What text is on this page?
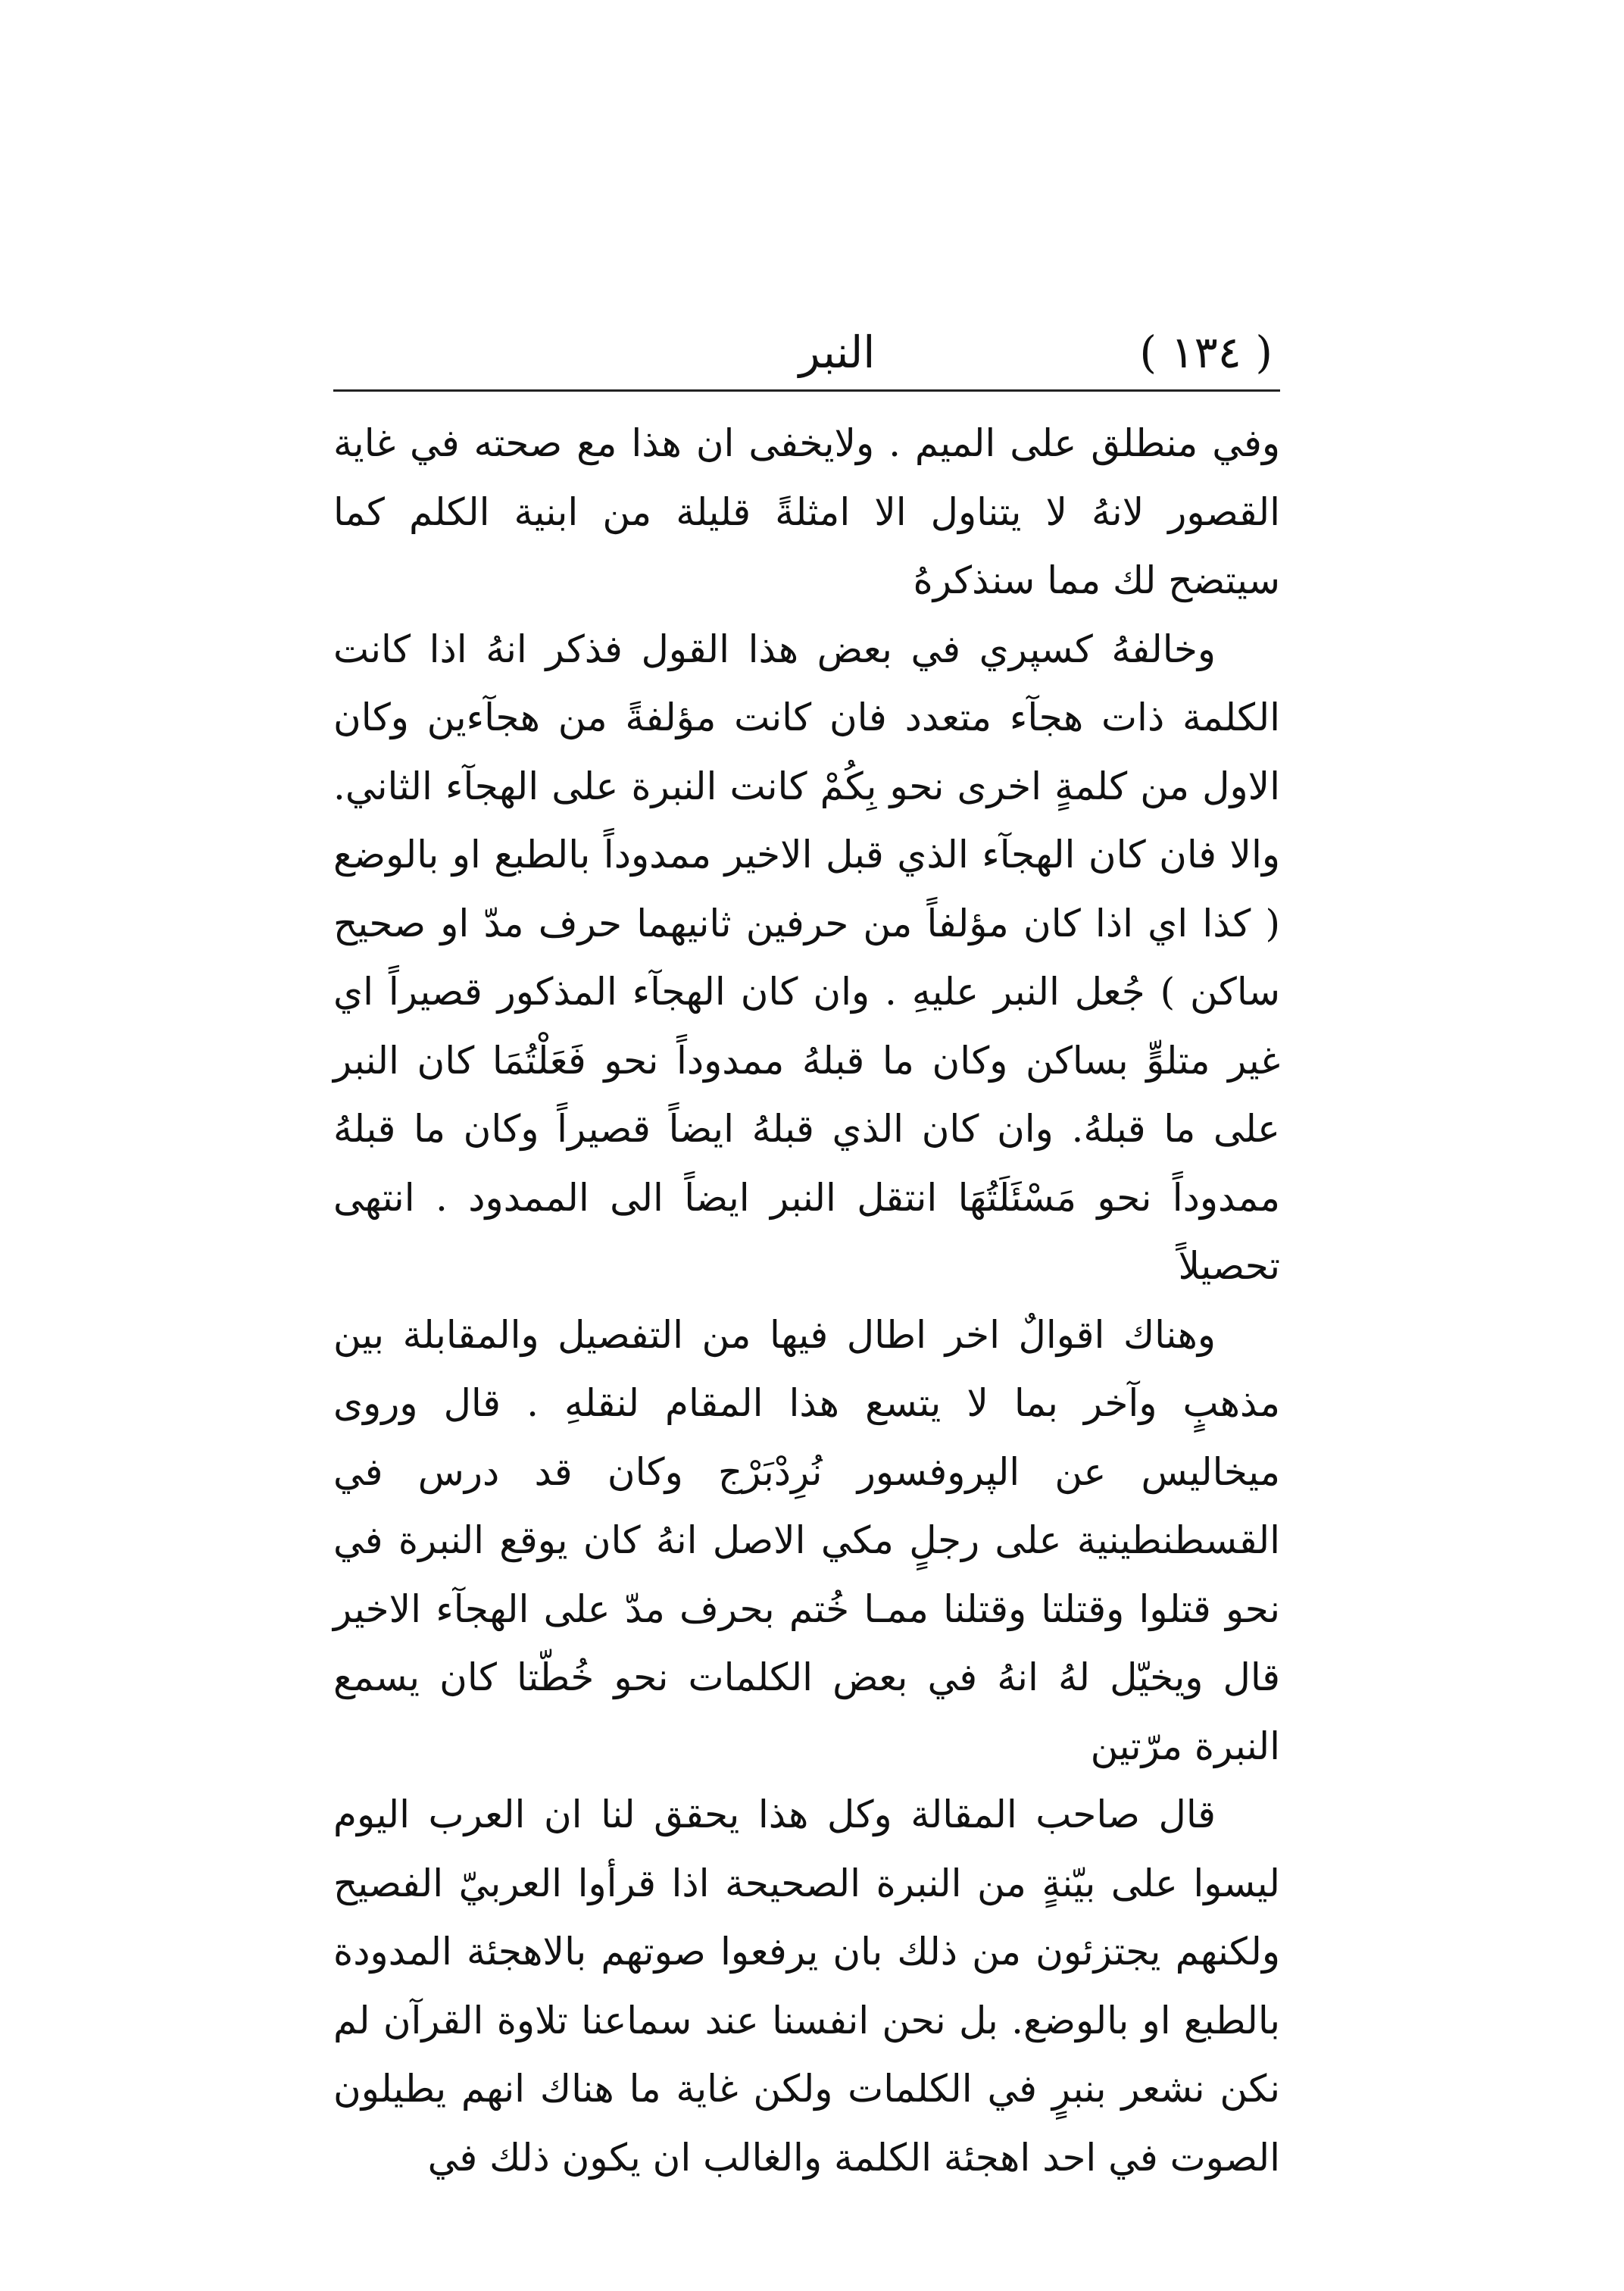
( ١٣٤ )
النبر

وفي منطلق على الميم . ولايخفى ان هذا مع صحته في غاية القصور لانهُ لا يتناول الا امثلةً قليلة من ابنية الكلم كما سيتضح لك مما سنذكرهُ

وخالفهُ كسپري في بعض هذا القول فذكر انهُ اذا كانت الكلمة ذات هجآء متعدد فان كانت مؤلفةً من هجآءين وكان الاول من كلمةٍ اخرى نحو بِكُمْ كانت النبرة على الهجآء الثاني. والا فان كان الهجآء الذي قبل الاخير ممدوداً بالطبع او بالوضع ( كذا اي اذا كان مؤلفاً من حرفين ثانيهما حرف مدّ او صحيح ساكن ) جُعل النبر عليهِ . وان كان الهجآء المذكور قصيراً اي غير متلوٍّ بساكن وكان ما قبلهُ ممدوداً نحو فَعَلْتُمَا كان النبر على ما قبلهُ. وان كان الذي قبلهُ ايضاً قصيراً وكان ما قبلهُ ممدوداً نحو مَسْئَلَتُهَا انتقل النبر ايضاً الى الممدود . انتهى تحصيلاً

وهناك اقوالٌ اخر اطال فيها من التفصيل والمقابلة بين مذهبٍ وآخر بما لا يتسع هذا المقام لنقلهِ . قال وروى ميخاليس عن الپروفسور نُرِدْبَرْج وكان قد درس في القسطنطينية على رجلٍ مكي الاصل انهُ كان يوقع النبرة في نحو قتلوا وقتلتا وقتلنا ممـا خُتم بحرف مدّ على الهجآء الاخير قال ويخيّل لهُ انهُ في بعض الكلمات نحو خُطّتا كان يسمع النبرة مرّتين

قال صاحب المقالة وكل هذا يحقق لنا ان العرب اليوم ليسوا على بيّنةٍ من النبرة الصحيحة اذا قرأوا العربيّ الفصيح ولكنهم يجتزئون من ذلك بان يرفعوا صوتهم بالاهجئة المدودة بالطبع او بالوضع. بل نحن انفسنا عند سماعنا تلاوة القرآن لم نكن نشعر بنبرٍ في الكلمات ولكن غاية ما هناك انهم يطيلون الصوت في احد اهجئة الكلمة والغالب ان يكون ذلك في
